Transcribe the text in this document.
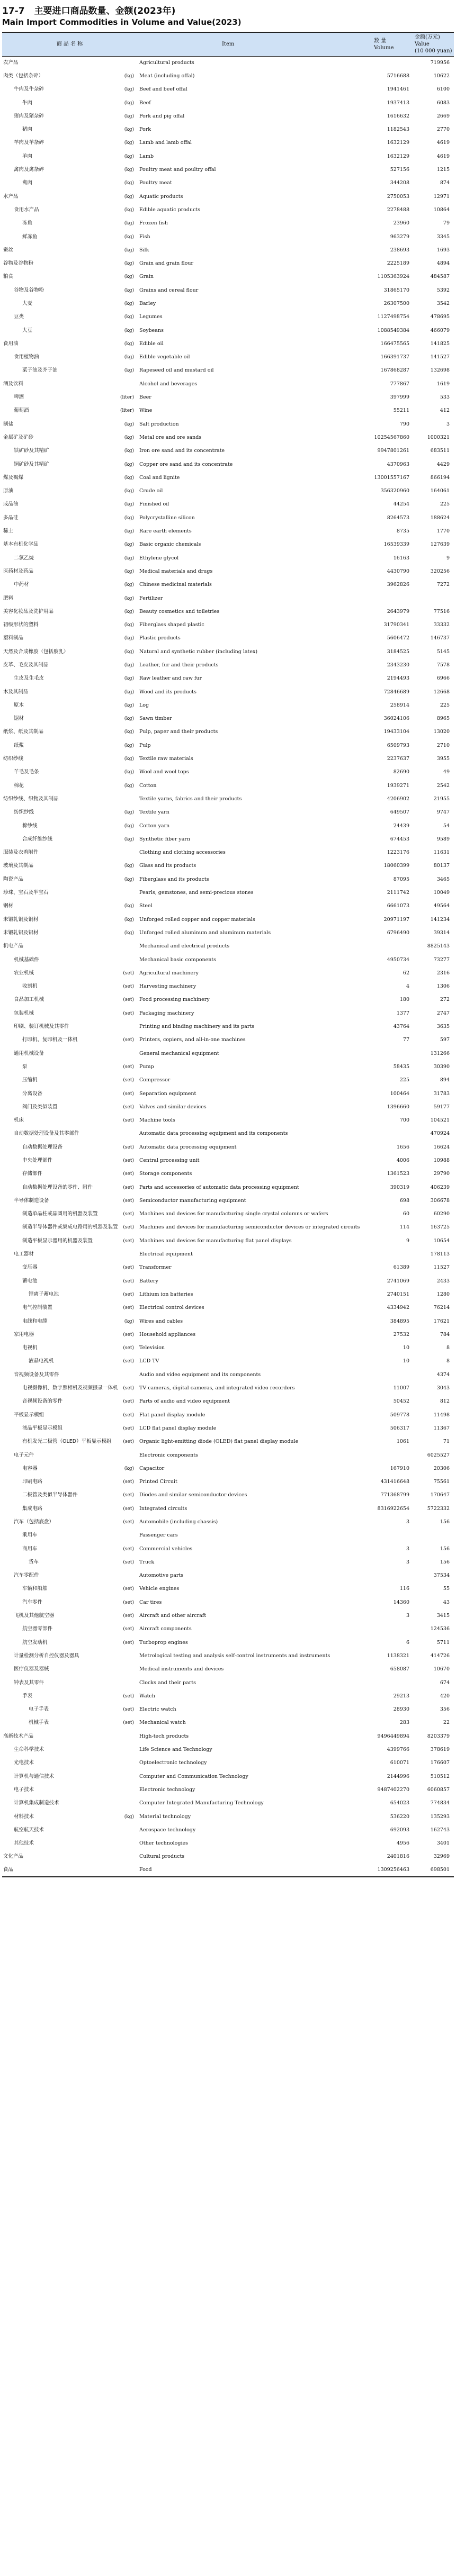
17-7 主要进口商品数量、金额(2023年)

Main Import Commodities in Volume and Value(2023)

商 品 名 称	Item	数 量
Volume	金额(万元)
Value
(10 000 yuan)

农产品	Agricultural products		719956
肉类（包括杂碎） (kg)	Meat (including offal)	5716688	10622
牛肉及牛杂碎 (kg)	Beef and beef offal	1941461	6100
牛肉 (kg)	Beef	1937413	6083
猪肉及猪杂碎 (kg)	Pork and pig offal	1616632	2669
猪肉 (kg)	Pork	1182543	2770
羊肉及羊杂碎 (kg)	Lamb and lamb offal	1632129	4619
羊肉 (kg)	Lamb	1632129	4619
禽肉及禽杂碎 (kg)	Poultry meat and poultry offal	527156	1215
禽肉 (kg)	Poultry meat	344208	874
水产品 (kg)	Aquatic products	2750053	12971
食用水产品 (kg)	Edible aquatic products	2278488	10864
冻鱼 (kg)	Frozen fish	23960	79
鲜冻鱼 (kg)	Fish	963279	3345
蚕丝 (kg)	Silk	238693	1693
谷物及谷物粉 (kg)	Grain and grain flour	2225189	4894
粮食 (kg)	Grain	1105363924	484587
谷物及谷物粉 (kg)	Grains and cereal flour	31865170	5392
大麦 (kg)	Barley	26307500	3542
豆类 (kg)	Legumes	1127498754	478695
大豆 (kg)	Soybeans	1088549384	466079
食用油 (kg)	Edible oil	166475565	141825
食用植物油 (kg)	Edible vegetable oil	166391737	141527
菜子油及芥子油 (kg)	Rapeseed oil and mustard oil	167868287	132698
酒及饮料	Alcohol and beverages	777867	1619
啤酒 (liter)	Beer	397999	533
葡萄酒 (liter)	Wine	55211	412
制盐 (kg)	Salt production	790	3
金属矿及矿砂 (kg)	Metal ore and ore sands	10254567860	1000321
铁矿砂及其精矿 (kg)	Iron ore sand and its concentrate	9947801261	683511
铜矿砂及其精矿 (kg)	Copper ore sand and its concentrate	4370963	4429
煤及褐煤 (kg)	Coal and lignite	13001557167	866194
原油 (kg)	Crude oil	356320960	164061
成品油 (kg)	Finished oil	44254	225
多晶硅 (kg)	Polycrystalline silicon	8264573	188624
稀土 (kg)	Rare earth elements	8735	1770
基本有机化学品 (kg)	Basic organic chemicals	16539339	127639
二氯乙烷 (kg)	Ethylene glycol	16163	9
医药材及药品 (kg)	Medical materials and drugs	4430790	320256
中药材 (kg)	Chinese medicinal materials	3962826	7272
肥料 (kg)	Fertilizer		
美容化妆品及洗护用品 (kg)	Beauty cosmetics and toiletries	2643979	77516
初级形状的塑料 (kg)	Fiberglass shaped plastic	31790341	33332
塑料制品 (kg)	Plastic products	5606472	146737
天然及合成橡胶（包括胶乳） (kg)	Natural and synthetic rubber (including latex)	3184525	5145
皮革、毛皮及其制品 (kg)	Leather, fur and their products	2343230	7578
生皮及生毛皮 (kg)	Raw leather and raw fur	2194493	6966
木及其制品 (kg)	Wood and its products	72846689	12668
原木 (kg)	Log	258914	225
锯材 (kg)	Sawn timber	36024106	8965
纸浆、纸及其制品 (kg)	Pulp, paper and their products	19433104	13020
纸浆 (kg)	Pulp	6509793	2710
纺织纱线 (kg)	Textile raw materials	2237637	3955
羊毛及毛条 (kg)	Wool and wool tops	82690	49
棉花 (kg)	Cotton	1939271	2542
纺织纱线、织物及其制品	Textile yarns, fabrics and their products	4206902	21955
纺织纱线 (kg)	Textile yarn	649507	9747
棉纱线 (kg)	Cotton yarn	24439	54
合成纤维纱线 (kg)	Synthetic fiber yarn	674453	9589
服装及衣着附件	Clothing and clothing accessories	1223176	11631
玻璃及其制品 (kg)	Glass and its products	18060399	80137
陶瓷产品 (kg)	Fiberglass and its products	87095	3465
珍珠、宝石及半宝石	Pearls, gemstones, and semi-precious stones	2111742	10049
钢材 (kg)	Steel	6661073	49564
未锻轧铜及铜材 (kg)	Unforged rolled copper and copper materials	20971197	141234
未锻轧铝及铝材 (kg)	Unforged rolled aluminum and aluminum materials	6796490	39314
机电产品	Mechanical and electrical products		8825143
机械基础件	Mechanical basic components	4950734	73277
农业机械 (set)	Agricultural machinery	62	2316
收割机 (set)	Harvesting machinery	4	1306
食品加工机械 (set)	Food processing machinery	180	272
包装机械 (set)	Packaging machinery	1377	2747
印刷、装订机械及其零件	Printing and binding machinery and its parts	43764	3635
打印机、复印机及一体机 (set)	Printers, copiers, and all-in-one machines	77	597
通用机械设备	General mechanical equipment		131266
泵 (set)	Pump	58435	30390
压缩机 (set)	Compressor	225	894
分离设备 (set)	Separation equipment	100464	31783
阀门及类似装置 (set)	Valves and similar devices	1396660	59177
机床 (set)	Machine tools	700	104521
自动数据处理设备及其零部件	Automatic data processing equipment and its components		470924
自动数据处理设备 (set)	Automatic data processing equipment	1656	16624
中央处理部件 (set)	Central processing unit	4006	10988
存储部件 (set)	Storage components	1361523	29790
自动数据处理设备的零件、附件 (set)	Parts and accessories of automatic data processing equipment	390319	406239
半导体制造设备 (set)	Semiconductor manufacturing equipment	698	306678
制造单晶柱或晶圆用的机器及装置 (set)	Machines and devices for manufacturing single crystal columns or wafers	60	60290
制造半导体器件或集成电路用的机器及装置 (set)	Machines and devices for manufacturing semiconductor devices or integrated circuits	114	163725
制造平板显示器用的机器及装置 (set)	Machines and devices for manufacturing flat panel displays	9	10654
电工器材	Electrical equipment		178113
变压器 (set)	Transformer	61389	11527
蓄电池 (set)	Battery	2741069	2433
锂离子蓄电池 (set)	Lithium ion batteries	2740151	1280
电气控制装置 (set)	Electrical control devices	4334942	76214
电线和电缆 (kg)	Wires and cables	384895	17621
家用电器 (set)	Household appliances	27532	784
电视机 (set)	Television	10	8
液晶电视机 (set)	LCD TV	10	8
音视频设备及其零件	Audio and video equipment and its components		4374
电视摄像机、数字照相机及视频摄录一体机 (set)	TV cameras, digital cameras, and integrated video recorders	11007	3043
音视频设备的零件 (set)	Parts of audio and video equipment	50452	812
平板显示模组 (set)	Flat panel display module	509778	11498
液晶平板显示模组 (set)	LCD flat panel display module	506317	11367
有机发光二极管（OLED）平板显示模组 (set)	Organic light-emitting diode (OLED) flat panel display module	1061	71
电子元件	Electronic components		6025527
电容器 (kg)	Capacitor	167910	20306
印刷电路 (set)	Printed Circuit	431416648	75561
二极管及类似半导体器件 (set)	Diodes and similar semiconductor devices	771368799	170647
集成电路 (set)	Integrated circuits	8316922654	5722332
汽车（包括底盘） (set)	Automobile (including chassis)	3	156
乘用车	Passenger cars		
商用车 (set)	Commercial vehicles	3	156
货车 (set)	Truck	3	156
汽车零配件	Automotive parts		37534
车辆和船舶 (set)	Vehicle engines	116	55
汽车零件 (set)	Car tires	14360	43
飞机及其他航空器 (set)	Aircraft and other aircraft	3	3415
航空器零部件 (set)	Aircraft components		124536
航空发动机 (set)	Turboprop engines	6	5711
计量检测分析自控仪器及器具	Metrological testing and analysis self-control instruments and instruments	1138321	414726
医疗仪器及器械	Medical instruments and devices	658087	10670
钟表及其零件	Clocks and their parts		674
手表 (set)	Watch	29213	420
电子手表 (set)	Electric watch	28930	356
机械手表 (set)	Mechanical watch	283	22
高新技术产品	High-tech products	9496449894	8203379
生命科学技术	Life Science and Technology	4399766	378619
光电技术	Optoelectronic technology	610071	176607
计算机与通信技术	Computer and Communication Technology	2144996	510512
电子技术	Electronic technology	9487402270	6060857
计算机集成制造技术	Computer Integrated Manufacturing Technology	654023	774834
材料技术 (kg)	Material technology	536220	135293
航空航天技术	Aerospace technology	692093	162743
其他技术	Other technologies	4956	3401
文化产品	Cultural products	2401816	32969
食品	Food	1309256463	698501
